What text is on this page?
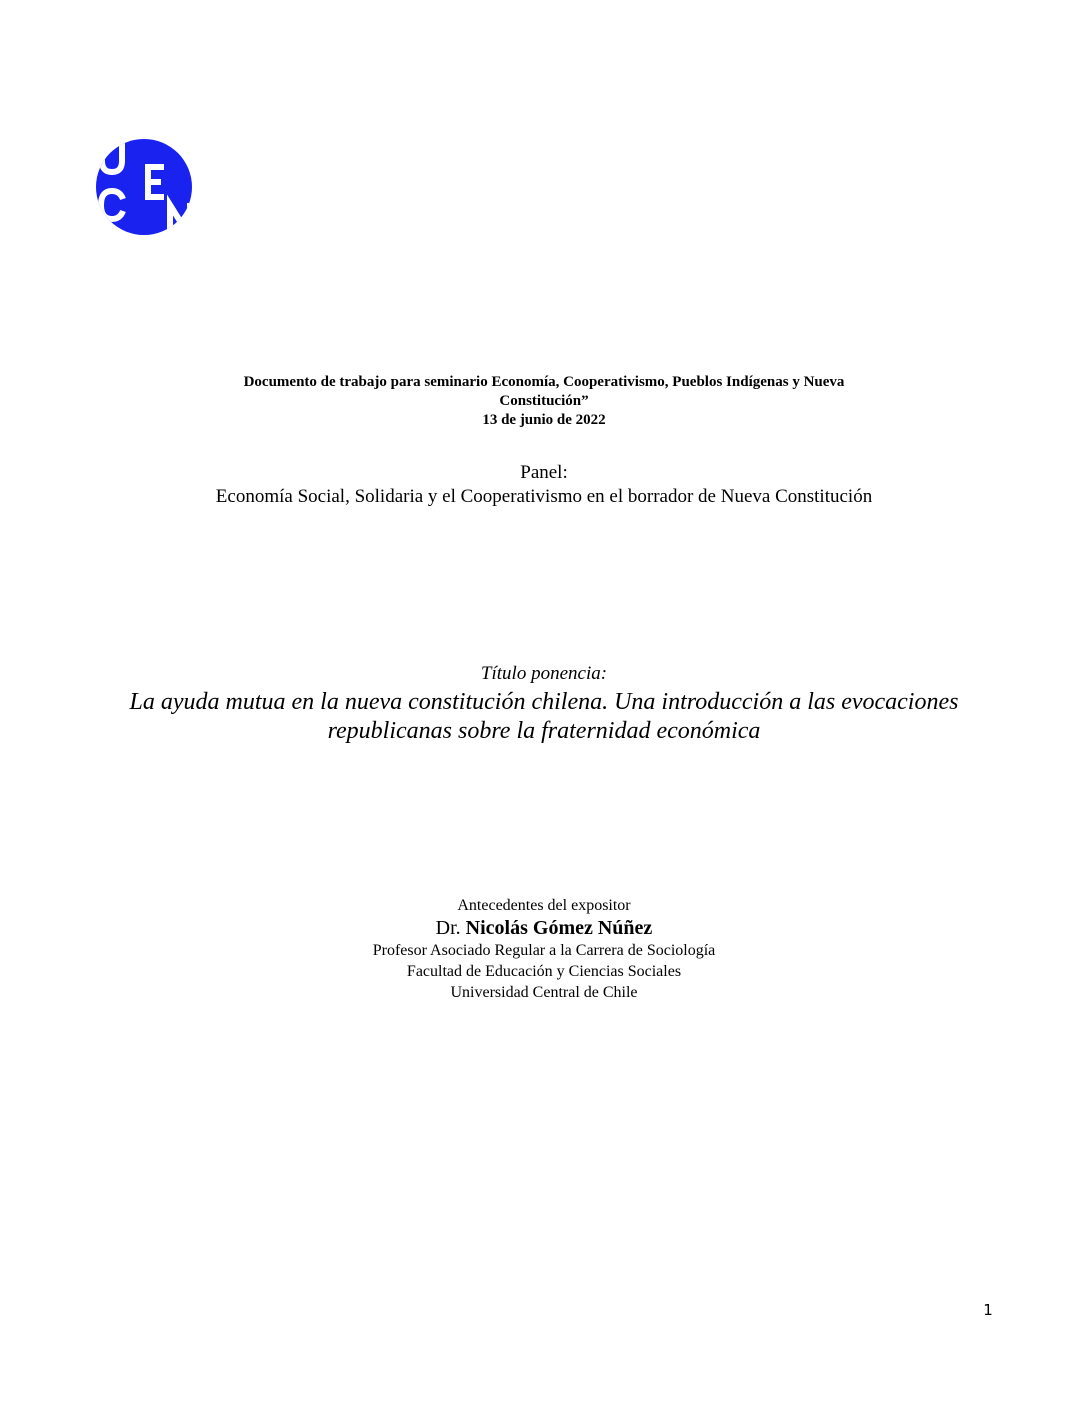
Documento de trabajo para seminario Economía, Cooperativismo, Pueblos Indígenas y Nueva
Constitución”
13 de junio de 2022
Panel:
Economía Social, Solidaria y el Cooperativismo en el borrador de Nueva Constitución
Título ponencia:
La ayuda mutua en la nueva constitución chilena. Una introducción a las evocaciones
republicanas sobre la fraternidad económica
Antecedentes del expositor
Dr. Nicolás Gómez Núñez
Profesor Asociado Regular a la Carrera de Sociología
Facultad de Educación y Ciencias Sociales
Universidad Central de Chile
1
